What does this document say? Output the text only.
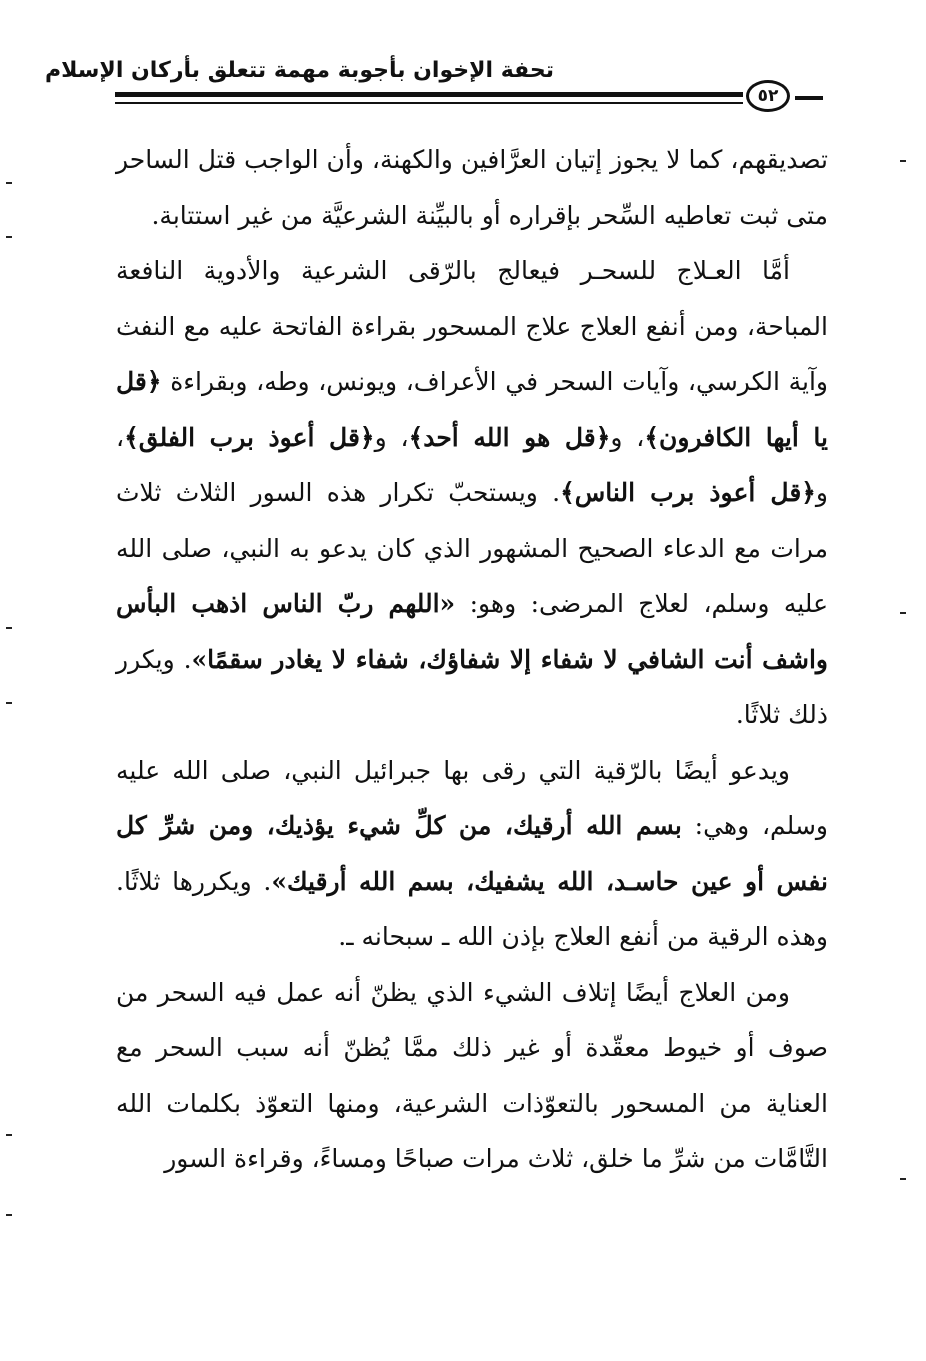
تحفة الإخوان بأجوبة مهمة تتعلق بأركان الإسلام
٥٢

تصديقهم، كما لا يجوز إتيان العرَّافين والكهنة، وأن الواجب قتل الساحر متى ثبت تعاطيه السِّحر بإقراره أو بالبيِّنة الشرعيَّة من غير استتابة.

أمَّا العـلاج للسحـر فيعالج بالرّقى الشرعية والأدوية النافعة المباحة، ومن أنفع العلاج علاج المسحور بقراءة الفاتحة عليه مع النفث وآية الكرسي، وآيات السحر في الأعراف، ويونس، وطه، وبقراءة ﴿قل يا أيها الكافرون﴾، و﴿قل هو الله أحد﴾، و﴿قل أعوذ برب الفلق﴾، و﴿قل أعوذ برب الناس﴾. ويستحبّ تكرار هذه السور الثلاث ثلاث مرات مع الدعاء الصحيح المشهور الذي كان يدعو به النبي، صلى الله عليه وسلم، لعلاج المرضى: وهو: «اللهم ربّ الناس اذهب البأس واشف أنت الشافي لا شفاء إلا شفاؤك، شفاء لا يغادر سقمًا». ويكرر ذلك ثلاثًا.

ويدعو أيضًا بالرّقية التي رقى بها جبرائيل النبي، صلى الله عليه وسلم، وهي: بسم الله أرقيك، من كلِّ شيء يؤذيك، ومن شرِّ كل نفس أو عين حاسـد، الله يشفيك، بسم الله أرقيك». ويكررها ثلاثًا. وهذه الرقية من أنفع العلاج بإذن الله ـ سبحانه ـ.

ومن العلاج أيضًا إتلاف الشيء الذي يظنّ أنه عمل فيه السحر من صوف أو خيوط معقّدة أو غير ذلك ممَّا يُظنّ أنه سبب السحر مع العناية من المسحور بالتعوّذات الشرعية، ومنها التعوّذ بكلمات الله التَّامَّات من شرِّ ما خلق، ثلاث مرات صباحًا ومساءً، وقراءة السور
